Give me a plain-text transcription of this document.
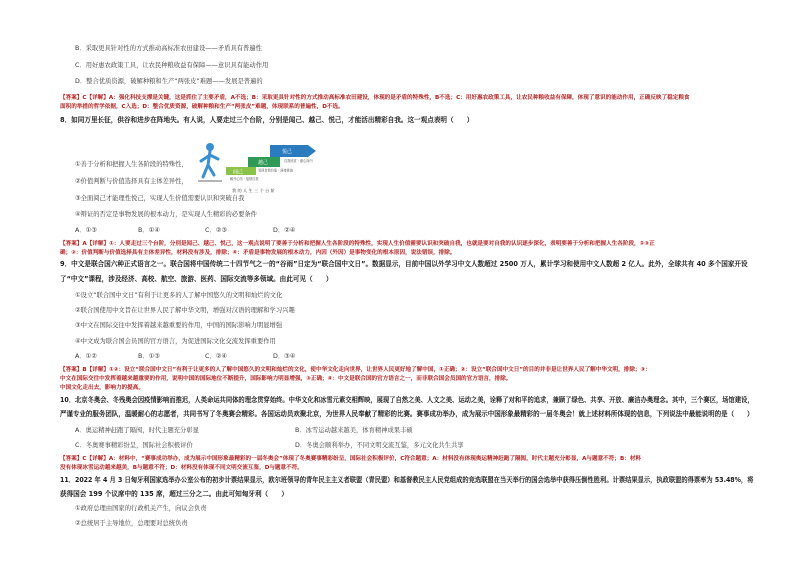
B．采取更具针对性的方式推动高标准农田建设——矛盾具有普遍性
C．用好惠农政策工具，让农民种粮收益有保障——意识具有能动作用
D．整合优质资源，破解种粮和生产“两张皮”难题——发展是普遍的
【答案】C【详解】A：强化科技支撑是关键，这是抓住了主要矛盾，A不选；B：采取更具针对性的方式推动高标准农田建设，体现的是矛盾的特殊性，B不选；C：用好惠农政策工具，让农民种粮收益有保障，体现了意识的能动作用，正确反映了稳定粮食
面积的举措的哲学依据，C入选；D：整合优质资源，破解种粮和生产“两张皮”难题，体现联系的普遍性，D不选。
8．如同万里长征，供谷和进步在阵地失。有人说，人要走过三个台阶，分别是闻己、越己、悦己，才能活出精彩自我。这一观点表明（　　）
闻己
越己
悦己
自我欣赏 · 潜心向内
发现自我价值 · 迎接挑战
解开心结 · 接纳自我
我 的 人 生 三 个 台 阶
①善于分析和把握人生各阶段的特殊性，
②价值判断与价值选择具有主体差异性，
③全面阅己才能理性悦己，实现人生价值需要认识和突破自我
④辩证的否定是事物发展的根本动力，是实现人生精彩的必要条件
A．①③	B．①④	C．②③	D．②④
【答案】A【详解】①：人要走过三个台阶，分别是闻己、越己、悦己，这一观点说明了要善于分析和把握人生各阶段的特殊性，实现人生价值需要认识和突破自我，也就是要对自我的认识逐步深化，表明要善于分析和把握人生各阶段，①③正
确；②：价值判断与价值选择具有主体差异性，材料没有涉及，排除；④：矛盾是事物发展的根本动力，内因（外因）是事物变化的根本原因，说法错误，排除。
9．中文是联合国六种正式语言之一。联合国将中国传统二十四节气之一的“谷雨”日定为“联合国中文日”。数据显示，目前中国以外学习中文人数超过 2500 万人，累计学习和使用中文人数超 2 亿人。此外，全球共有 40 多个国家开设
了“中文”课程，涉及经济、高校、航空、旅游、医药、国际交流等多领域。由此可见（　　）
①设立“联合国中文日”有利于让更多的人了解中国悠久的文明和灿烂的文化
②联合国使用中文旨在让世界人民了解中华文明，增强对汉语的理解和学习兴趣
③中文在国际交往中发挥着越来越重要的作用，中国的国际影响力明显增强
④中文成为联合国会员国的官方语言，为促进国际文化交流发挥重要作用
A．①②	B．①③	C．②④	D．③④
【答案】B【详解】①②：设立“联合国中文日”有利于让更多的人了解中国悠久的文明和灿烂的文化，使中华文化走向世界，让世界人民更好地了解中国，①正确；②：设立“联合国中文日”的目的并非是让世界人民了解中华文明，排除；③：
中文在国际交往中发挥着越来越重要的作用，说明中国的国际地位不断提升，国际影响力明显增强，③正确；④：中文是联合国的官方语言之一，而非联合国会员国的官方语言，排除。
中国文化走出去，影响力的提高。
10．北京冬奥会、冬残奥会因疫情影响而推迟，人类命运共同体的理念贯穿始终。中华文化和冰雪元素交相辉映，展现了自然之美、人文之美、运动之美，诠释了对和平的追求，兼顾了绿色、共享、开放、廉洁办奥理念。其中，三个赛区，场馆建设，
严谨专业的服务团队，温暖耐心的志愿者，共同书写了冬奥赛会精彩。各国运动员欢聚北京，为世界人民奉献了精彩的比赛。赛事成功举办，成为展示中国形象最精彩的一届冬奥会！就上述材料所体现的信息，下列说法中最能说明的是（　　）
A．奥运精神赶跑了隔阂，时代主题充分彰显	B．冰雪运动越来越美，体育精神成果丰硕
C．冬奥赛事精彩纷呈，国际社会积极评价	D．冬奥会顺利举办，不同文明交流互鉴，多元文化共生共享
【答案】C【详解】A：材料中，“赛事成功举办，成为展示中国形象最精彩的一届冬奥会”体现了冬奥赛事精彩纷呈，国际社会积极评价，C符合题意；A：材料没有体现奥运精神赶跑了隔阂，时代主题充分彰显，A与题意不符；B：材料
没有体现冰雪运动越来越美，B与题意不符；D：材料没有体现不同文明交流互鉴，D与题意不符。
11．2022 年 4 月 3 日匈牙利国家选举办公室公布的初步计票结果显示，欧尔班领导的青年民主主义者联盟（青民盟）和基督教民主人民党组成的竞选联盟在当天举行的国会选举中获得压倒性胜利。计票结果显示，执政联盟的得票率为 53.48%，将
获得国会 199 个议席中的 135 席，超过三分之二。由此可知匈牙利（　　）
①政府总理由国家的行政机关产生，向议会负责
②总统居于主导地位，总理要对总统负责
